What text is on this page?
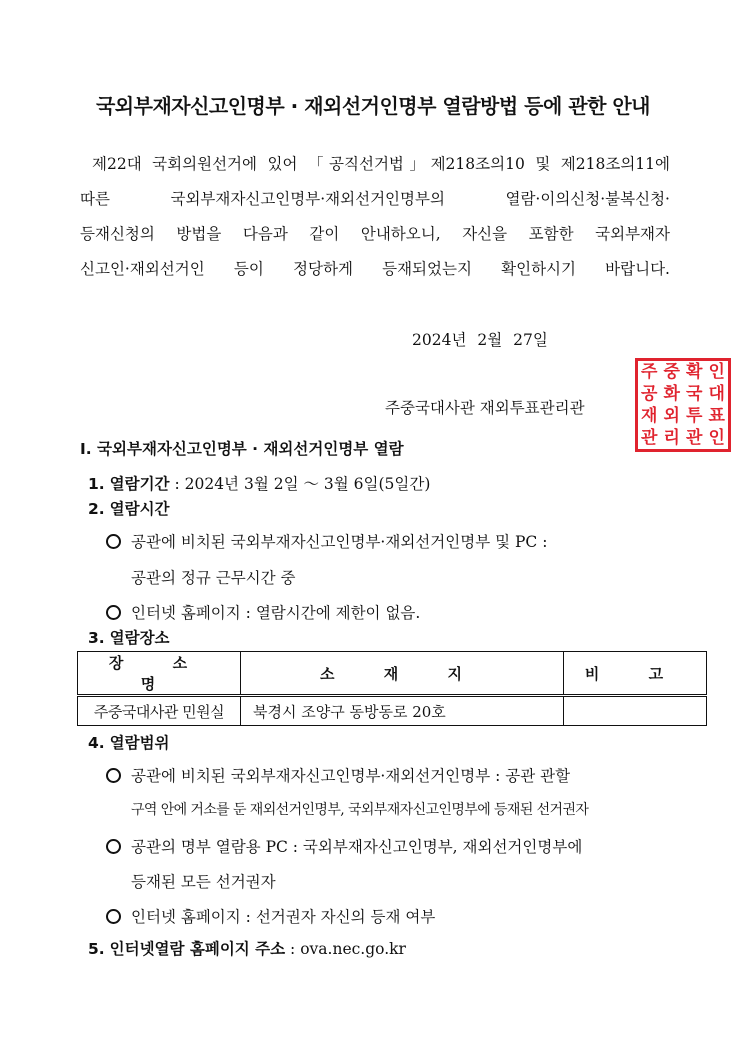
국외부재자신고인명부 · 재외선거인명부 열람방법 등에 관한 안내

제22대 국회의원선거에 있어 「공직선거법」제218조의10 및 제218조의11에

따른 국외부재자신고인명부·재외선거인명부의 열람·이의신청·불복신청·

등재신청의 방법을 다음과 같이 안내하오니, 자신을 포함한 국외부재자

신고인·재외선거인 등이 정당하게 등재되었는지 확인하시기 바랍니다.

2024년 2월 27일
주중국대사관 재외투표관리관
주 중 확 인
공 화 국 대
재 외 투 표
관 리 관 인
Ⅰ. 국외부재자신고인명부 · 재외선거인명부 열람
1. 열람기간 : 2024년 3월 2일 ～ 3월 6일(5일간)
2. 열람시간
공관에 비치된 국외부재자신고인명부·재외선거인명부 및 PC :
공관의 정규 근무시간 중
인터넷 홈페이지 : 열람시간에 제한이 없음.
3. 열람장소
장 소 명	소 재 지	비 고
주중국대사관 민원실	북경시 조양구 동방동로 20호	
4. 열람범위
공관에 비치된 국외부재자신고인명부·재외선거인명부 : 공관 관할
구역 안에 거소를 둔 재외선거인명부, 국외부재자신고인명부에 등재된 선거권자
공관의 명부 열람용 PC : 국외부재자신고인명부, 재외선거인명부에
등재된 모든 선거권자
인터넷 홈페이지 : 선거권자 자신의 등재 여부
5. 인터넷열람 홈페이지 주소 : ova.nec.go.kr
